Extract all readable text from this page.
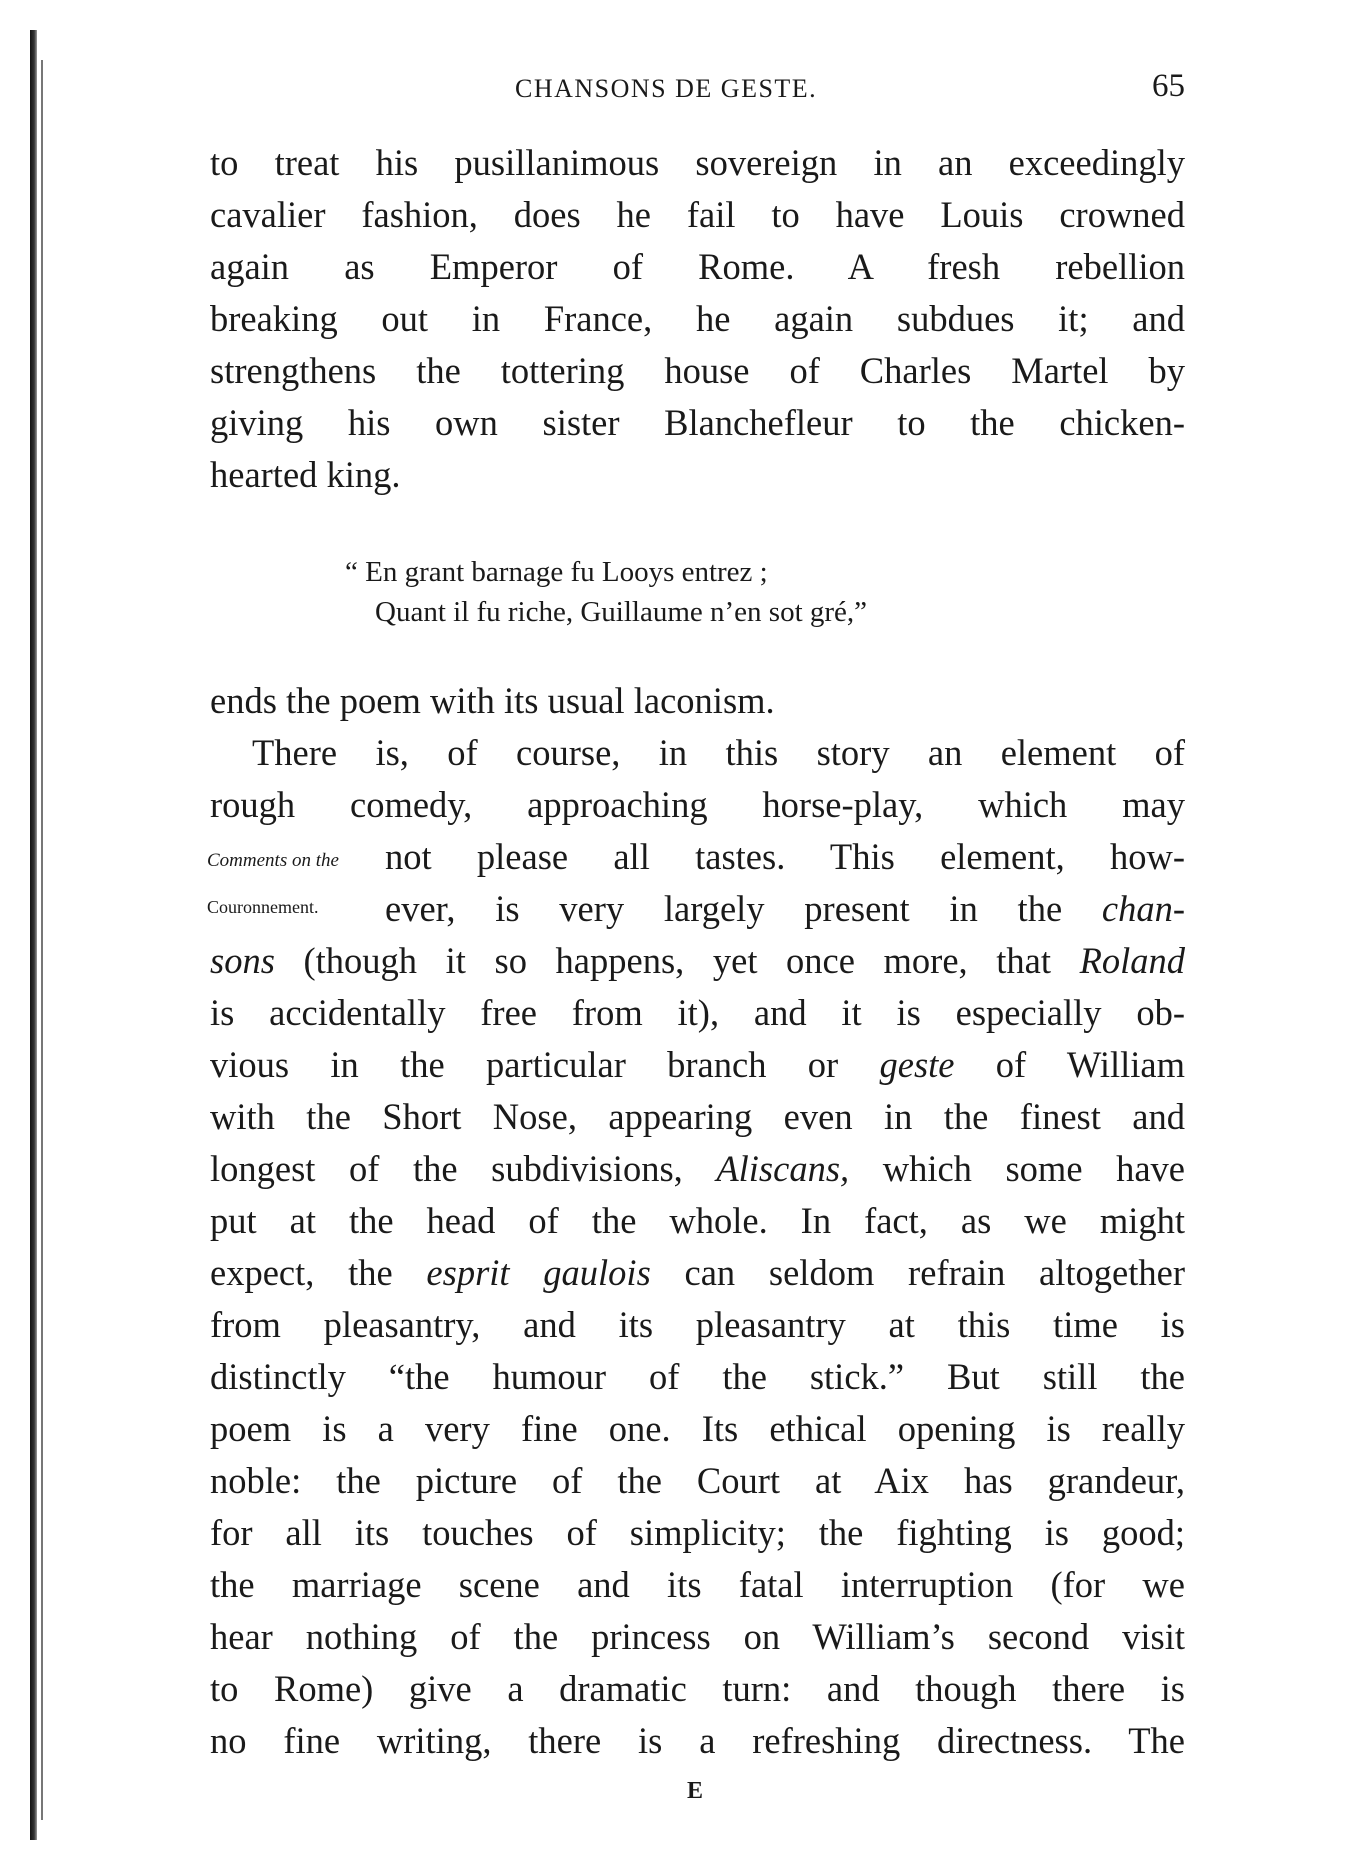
CHANSONS DE GESTE.	65
to treat his pusillanimous sovereign in an exceedingly
cavalier fashion, does he fail to have Louis crowned
again as Emperor of Rome. A fresh rebellion
breaking out in France, he again subdues it; and
strengthens the tottering house of Charles Martel by
giving his own sister Blanchefleur to the chicken-
hearted king.
“ En grant barnage fu Looys entrez ;
Quant il fu riche, Guillaume n’en sot gré,”
ends the poem with its usual laconism.
Comments on the
Couronnement.
There is, of course, in this story an element of
rough comedy, approaching horse-play, which may
not please all tastes. This element, how-
ever, is very largely present in the chan-
sons (though it so happens, yet once more, that Roland
is accidentally free from it), and it is especially ob-
vious in the particular branch or geste of William
with the Short Nose, appearing even in the finest and
longest of the subdivisions, Aliscans, which some have
put at the head of the whole. In fact, as we might
expect, the esprit gaulois can seldom refrain altogether
from pleasantry, and its pleasantry at this time is
distinctly “the humour of the stick.” But still the
poem is a very fine one. Its ethical opening is really
noble: the picture of the Court at Aix has grandeur,
for all its touches of simplicity; the fighting is good;
the marriage scene and its fatal interruption (for we
hear nothing of the princess on William’s second visit
to Rome) give a dramatic turn: and though there is
no fine writing, there is a refreshing directness. The
E
